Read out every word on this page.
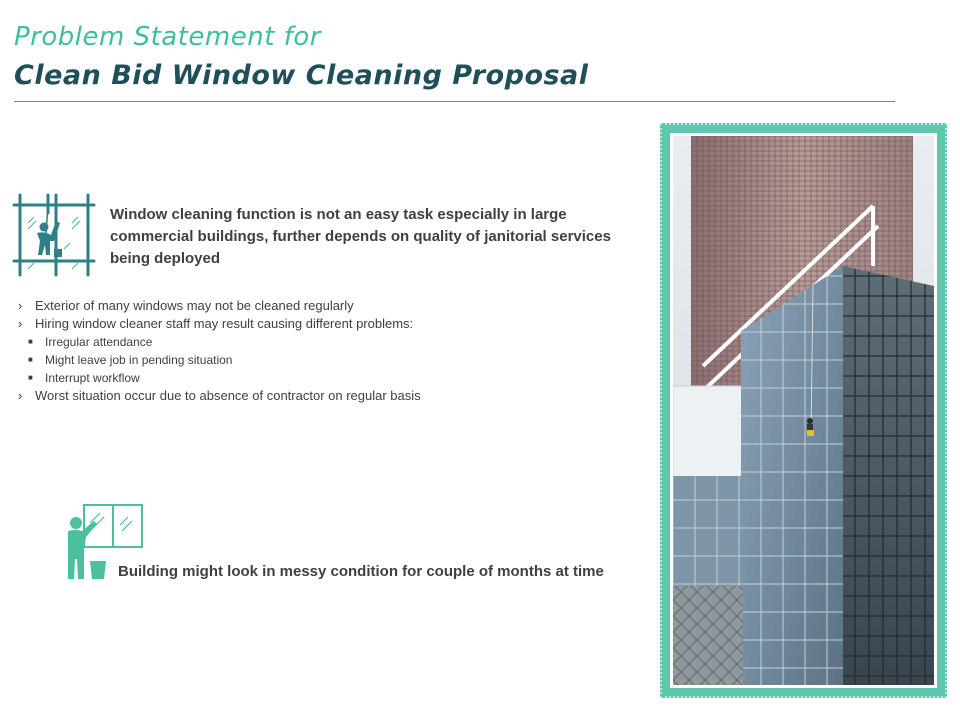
Problem Statement for
Clean Bid Window Cleaning Proposal
Window cleaning function is not an easy task especially in large commercial buildings, further depends on quality of janitorial services being deployed
› Exterior of many windows may not be cleaned regularly
› Hiring window cleaner staff may result causing different problems:
■	Irregular attendance
■	Might leave job in pending situation
■	Interrupt workflow
› Worst situation occur due to absence of contractor on regular basis
Building might look in messy condition for couple of months at time
